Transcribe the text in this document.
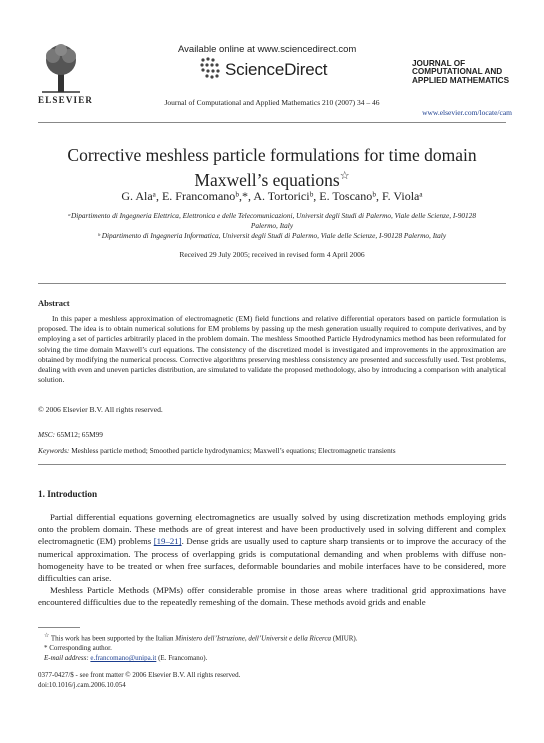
ELSEVIER
Available online at www.sciencedirect.com
ScienceDirect
Journal of Computational and Applied Mathematics 210 (2007) 34 – 46
JOURNAL OF
COMPUTATIONAL AND
APPLIED MATHEMATICS
www.elsevier.com/locate/cam
Corrective meshless particle formulations for time domain
Maxwell’s equations☆
G. Alaᵃ, E. Francomanoᵇ,*, A. Tortoriciᵇ, E. Toscanoᵇ, F. Violaᵃ
ᵃDipartimento di Ingegneria Elettrica, Elettronica e delle Telecomunicazioni, Universit degli Studi di Palermo, Viale delle Scienze, I-90128
Palermo, Italy
ᵇ Dipartimento di Ingegneria Informatica, Universit degli Studi di Palermo, Viale delle Scienze, I-90128 Palermo, Italy
Received 29 July 2005; received in revised form 4 April 2006
Abstract
In this paper a meshless approximation of electromagnetic (EM) field functions and relative differential operators based on particle formulation is proposed. The idea is to obtain numerical solutions for EM problems by passing up the mesh generation usually required to compute derivatives, and by employing a set of particles arbitrarily placed in the problem domain. The meshless Smoothed Particle Hydrodynamics method has been reformulated for solving the time domain Maxwell’s curl equations. The consistency of the discretized model is investigated and improvements in the approximation are obtained by modifying the numerical process. Corrective algorithms preserving meshless consistency are presented and successfully used. Test problems, dealing with even and uneven particles distribution, are simulated to validate the proposed methodology, also by introducing a comparison with analytical solution.
© 2006 Elsevier B.V. All rights reserved.
MSC: 65M12; 65M99
Keywords: Meshless particle method; Smoothed particle hydrodynamics; Maxwell’s equations; Electromagnetic transients
1. Introduction

Partial differential equations governing electromagnetics are usually solved by using discretization methods employing grids onto the problem domain. These methods are of great interest and have been productively used in solving different and complex electromagnetic (EM) problems [19–21]. Dense grids are usually used to capture sharp transients or to improve the accuracy of the numerical approximation. The process of overlapping grids is computational demanding and when problems with diffuse non-homogeneity have to be treated or when free surfaces, deformable boundaries and mobile interfaces have to be considered, more difficulties can arise.

Meshless Particle Methods (MPMs) offer considerable promise in those areas where traditional grid approximations have encountered difficulties due to the repeatedly remeshing of the domain. These methods avoid grids and enable

☆ This work has been supported by the Italian Ministero dell’Istruzione, dell’Universit e della Ricerca (MIUR).
* Corresponding author.
E-mail address: e.francomano@unipa.it (E. Francomano).
0377-0427/$ - see front matter © 2006 Elsevier B.V. All rights reserved.
doi:10.1016/j.cam.2006.10.054
